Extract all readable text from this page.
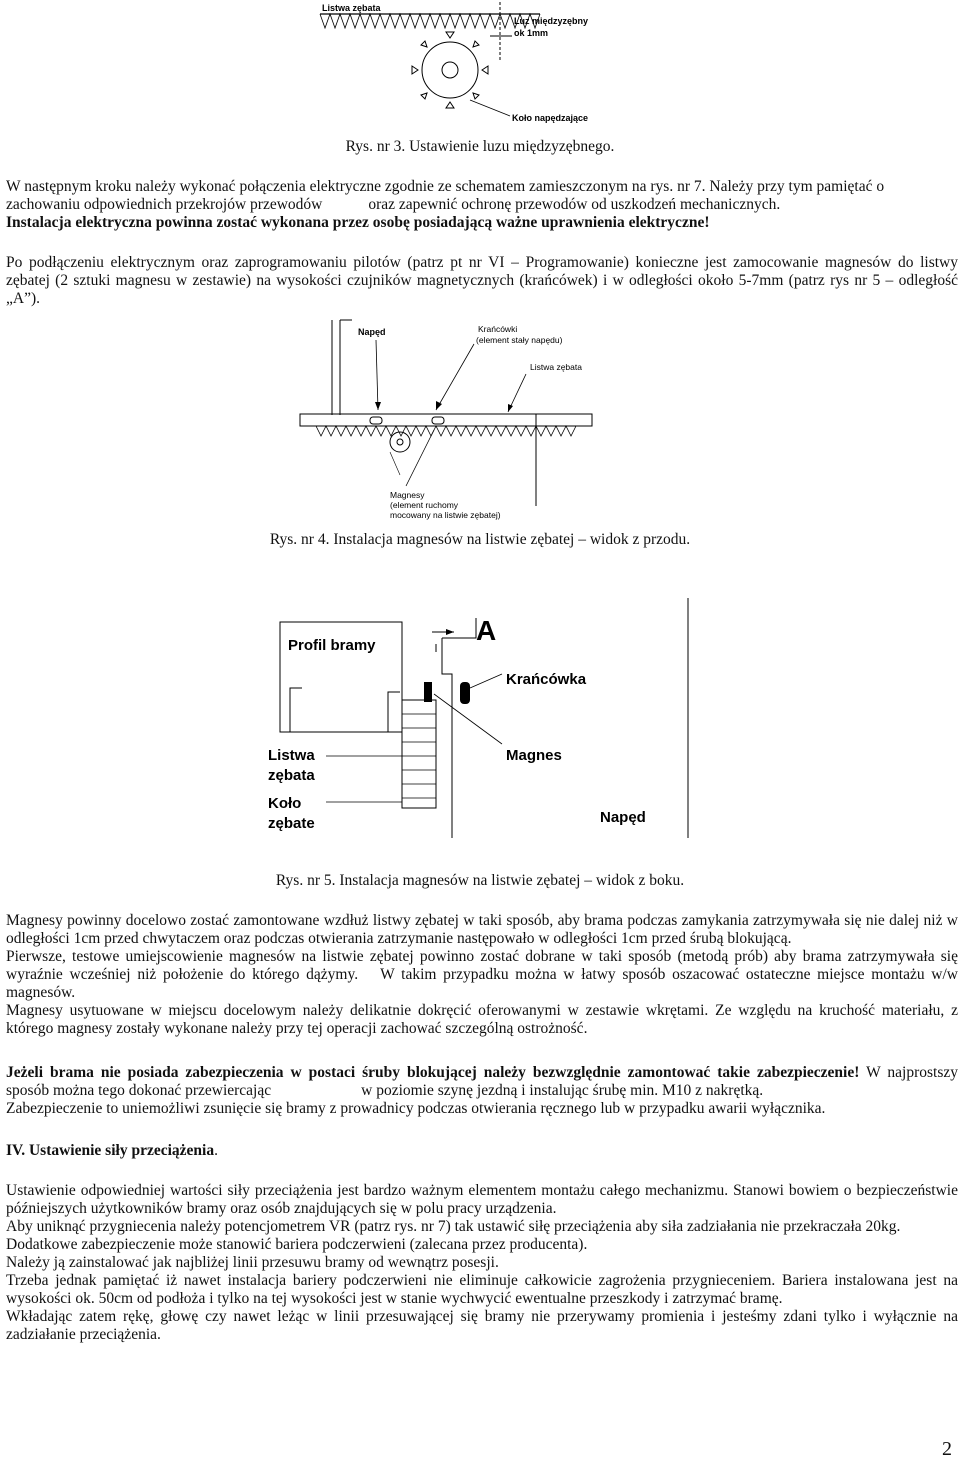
Listwa zębata
Luz międzyzębny
ok 1mm
Koło napędzające
Rys. nr 3. Ustawienie luzu międzyzębnego.
W następnym kroku należy wykonać połączenia elektryczne zgodnie ze schematem zamieszczonym na rys. nr 7. Należy przy tym pamiętać o
zachowaniu odpowiednich przekrojów przewodów	oraz zapewnić ochronę przewodów od uszkodzeń mechanicznych.
Instalacja elektryczna powinna zostać wykonana przez osobę posiadającą ważne uprawnienia elektryczne!

Po podłączeniu elektrycznym oraz zaprogramowaniu pilotów (patrz pt nr VI – Programowanie) konieczne jest zamocowanie magnesów do listwy zębatej (2 sztuki magnesu w zestawie) na wysokości czujników magnetycznych (krańcówek) i w odległości około 5-7mm (patrz rys nr 5 – odległość „A”).

Napęd	Krańcówki
(element stały napędu)
Listwa zębata
Magnesy
(element ruchomy
mocowany na listwie zębatej)
Rys. nr 4. Instalacja magnesów na listwie zębatej – widok z przodu.
Profil bramy	A
Krańcówka
Listwa
zębata
Magnes
Koło
zębate	Napęd
Rys. nr 5. Instalacja magnesów na listwie zębatej – widok z boku.
Magnesy powinny docelowo zostać zamontowane wzdłuż listwy zębatej w taki sposób, aby brama podczas zamykania zatrzymywała się nie dalej niż w odległości 1cm przed chwytaczem oraz podczas otwierania zatrzymanie następowało w odległości 1cm przed śrubą blokującą.
Pierwsze, testowe umiejscowienie magnesów na listwie zębatej powinno zostać dobrane w taki sposób (metodą prób) aby brama zatrzymywała się wyraźnie wcześniej niż położenie do którego dążymy. W takim przypadku można w łatwy sposób oszacować ostateczne miejsce montażu w/w magnesów.
Magnesy usytuowane w miejscu docelowym należy delikatnie dokręcić oferowanymi w zestawie wkrętami. Ze względu na kruchość materiału, z którego magnesy zostały wykonane należy przy tej operacji zachować szczególną ostrożność.
Jeżeli brama nie posiada zabezpieczenia w postaci śruby blokującej należy bezwzględnie zamontować takie zabezpieczenie! W najprostszy sposób można tego dokonać przewiercając	w poziomie szynę jezdną i instalując śrubę min. M10 z nakrętką.
Zabezpieczenie to uniemożliwi zsunięcie się bramy z prowadnicy podczas otwierania ręcznego lub w przypadku awarii wyłącznika.
IV. Ustawienie siły przeciążenia.
Ustawienie odpowiedniej wartości siły przeciążenia jest bardzo ważnym elementem montażu całego mechanizmu. Stanowi bowiem o bezpieczeństwie późniejszych użytkowników bramy oraz osób znajdujących się w polu pracy urządzenia.
Aby uniknąć przygniecenia należy potencjometrem VR (patrz rys. nr 7) tak ustawić siłę przeciążenia aby siła zadziałania nie przekraczała 20kg.
Dodatkowe zabezpieczenie może stanowić bariera podczerwieni (zalecana przez producenta).
Należy ją zainstalować jak najbliżej linii przesuwu bramy od wewnątrz posesji.
Trzeba jednak pamiętać iż nawet instalacja bariery podczerwieni nie eliminuje całkowicie zagrożenia przygnieceniem. Bariera instalowana jest na wysokości ok. 50cm od podłoża i tylko na tej wysokości jest w stanie wychwycić ewentualne przeszkody i zatrzymać bramę.
Wkładając zatem rękę, głowę czy nawet leżąc w linii przesuwającej się bramy nie przerywamy promienia i jesteśmy zdani tylko i wyłącznie na zadziałanie przeciążenia.
2
